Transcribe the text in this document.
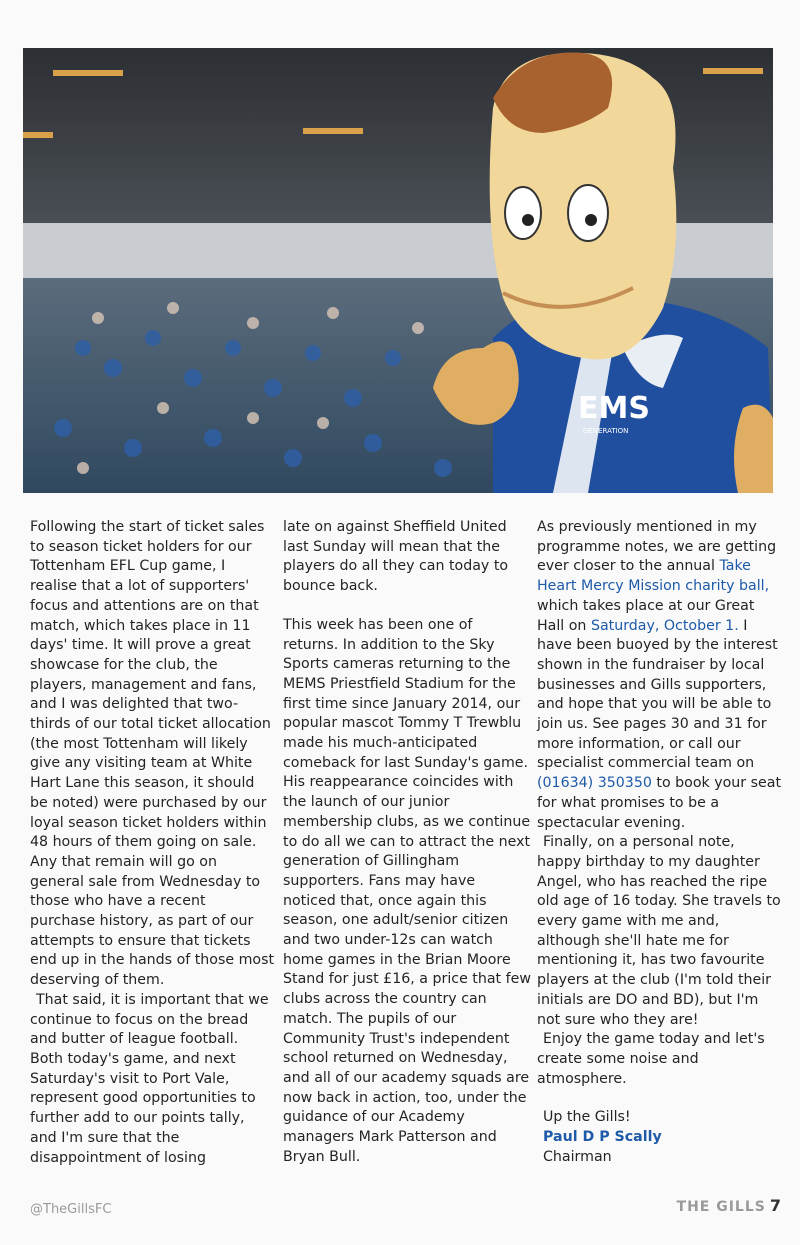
EMS
GENERATION

Following the start of ticket sales to season ticket holders for our Tottenham EFL Cup game, I realise that a lot of supporters' focus and attentions are on that match, which takes place in 11 days' time. It will prove a great showcase for the club, the players, management and fans, and I was delighted that two-thirds of our total ticket allocation (the most Tottenham will likely give any visiting team at White Hart Lane this season, it should be noted) were purchased by our loyal season ticket holders within 48 hours of them going on sale. Any that remain will go on general sale from Wednesday to those who have a recent purchase history, as part of our attempts to ensure that tickets end up in the hands of those most deserving of them.

That said, it is important that we continue to focus on the bread and butter of league football. Both today's game, and next Saturday's visit to Port Vale, represent good opportunities to further add to our points tally, and I'm sure that the disappointment of losing

late on against Sheffield United last Sunday will mean that the players do all they can today to bounce back.

This week has been one of returns. In addition to the Sky Sports cameras returning to the MEMS Priestfield Stadium for the first time since January 2014, our popular mascot Tommy T Trewblu made his much-anticipated comeback for last Sunday's game. His reappearance coincides with the launch of our junior membership clubs, as we continue to do all we can to attract the next generation of Gillingham supporters. Fans may have noticed that, once again this season, one adult/senior citizen and two under-12s can watch home games in the Brian Moore Stand for just £16, a price that few clubs across the country can match. The pupils of our Community Trust's independent school returned on Wednesday, and all of our academy squads are now back in action, too, under the guidance of our Academy managers Mark Patterson and Bryan Bull.

As previously mentioned in my programme notes, we are getting ever closer to the annual Take Heart Mercy Mission charity ball, which takes place at our Great Hall on Saturday, October 1. I have been buoyed by the interest shown in the fundraiser by local businesses and Gills supporters, and hope that you will be able to join us. See pages 30 and 31 for more information, or call our specialist commercial team on (01634) 350350 to book your seat for what promises to be a spectacular evening.

Finally, on a personal note, happy birthday to my daughter Angel, who has reached the ripe old age of 16 today. She travels to every game with me and, although she'll hate me for mentioning it, has two favourite players at the club (I'm told their initials are DO and BD), but I'm not sure who they are!

Enjoy the game today and let's create some noise and atmosphere.

Up the Gills!

Paul D P Scally

Chairman

@TheGillsFC	THE GILLS 7
